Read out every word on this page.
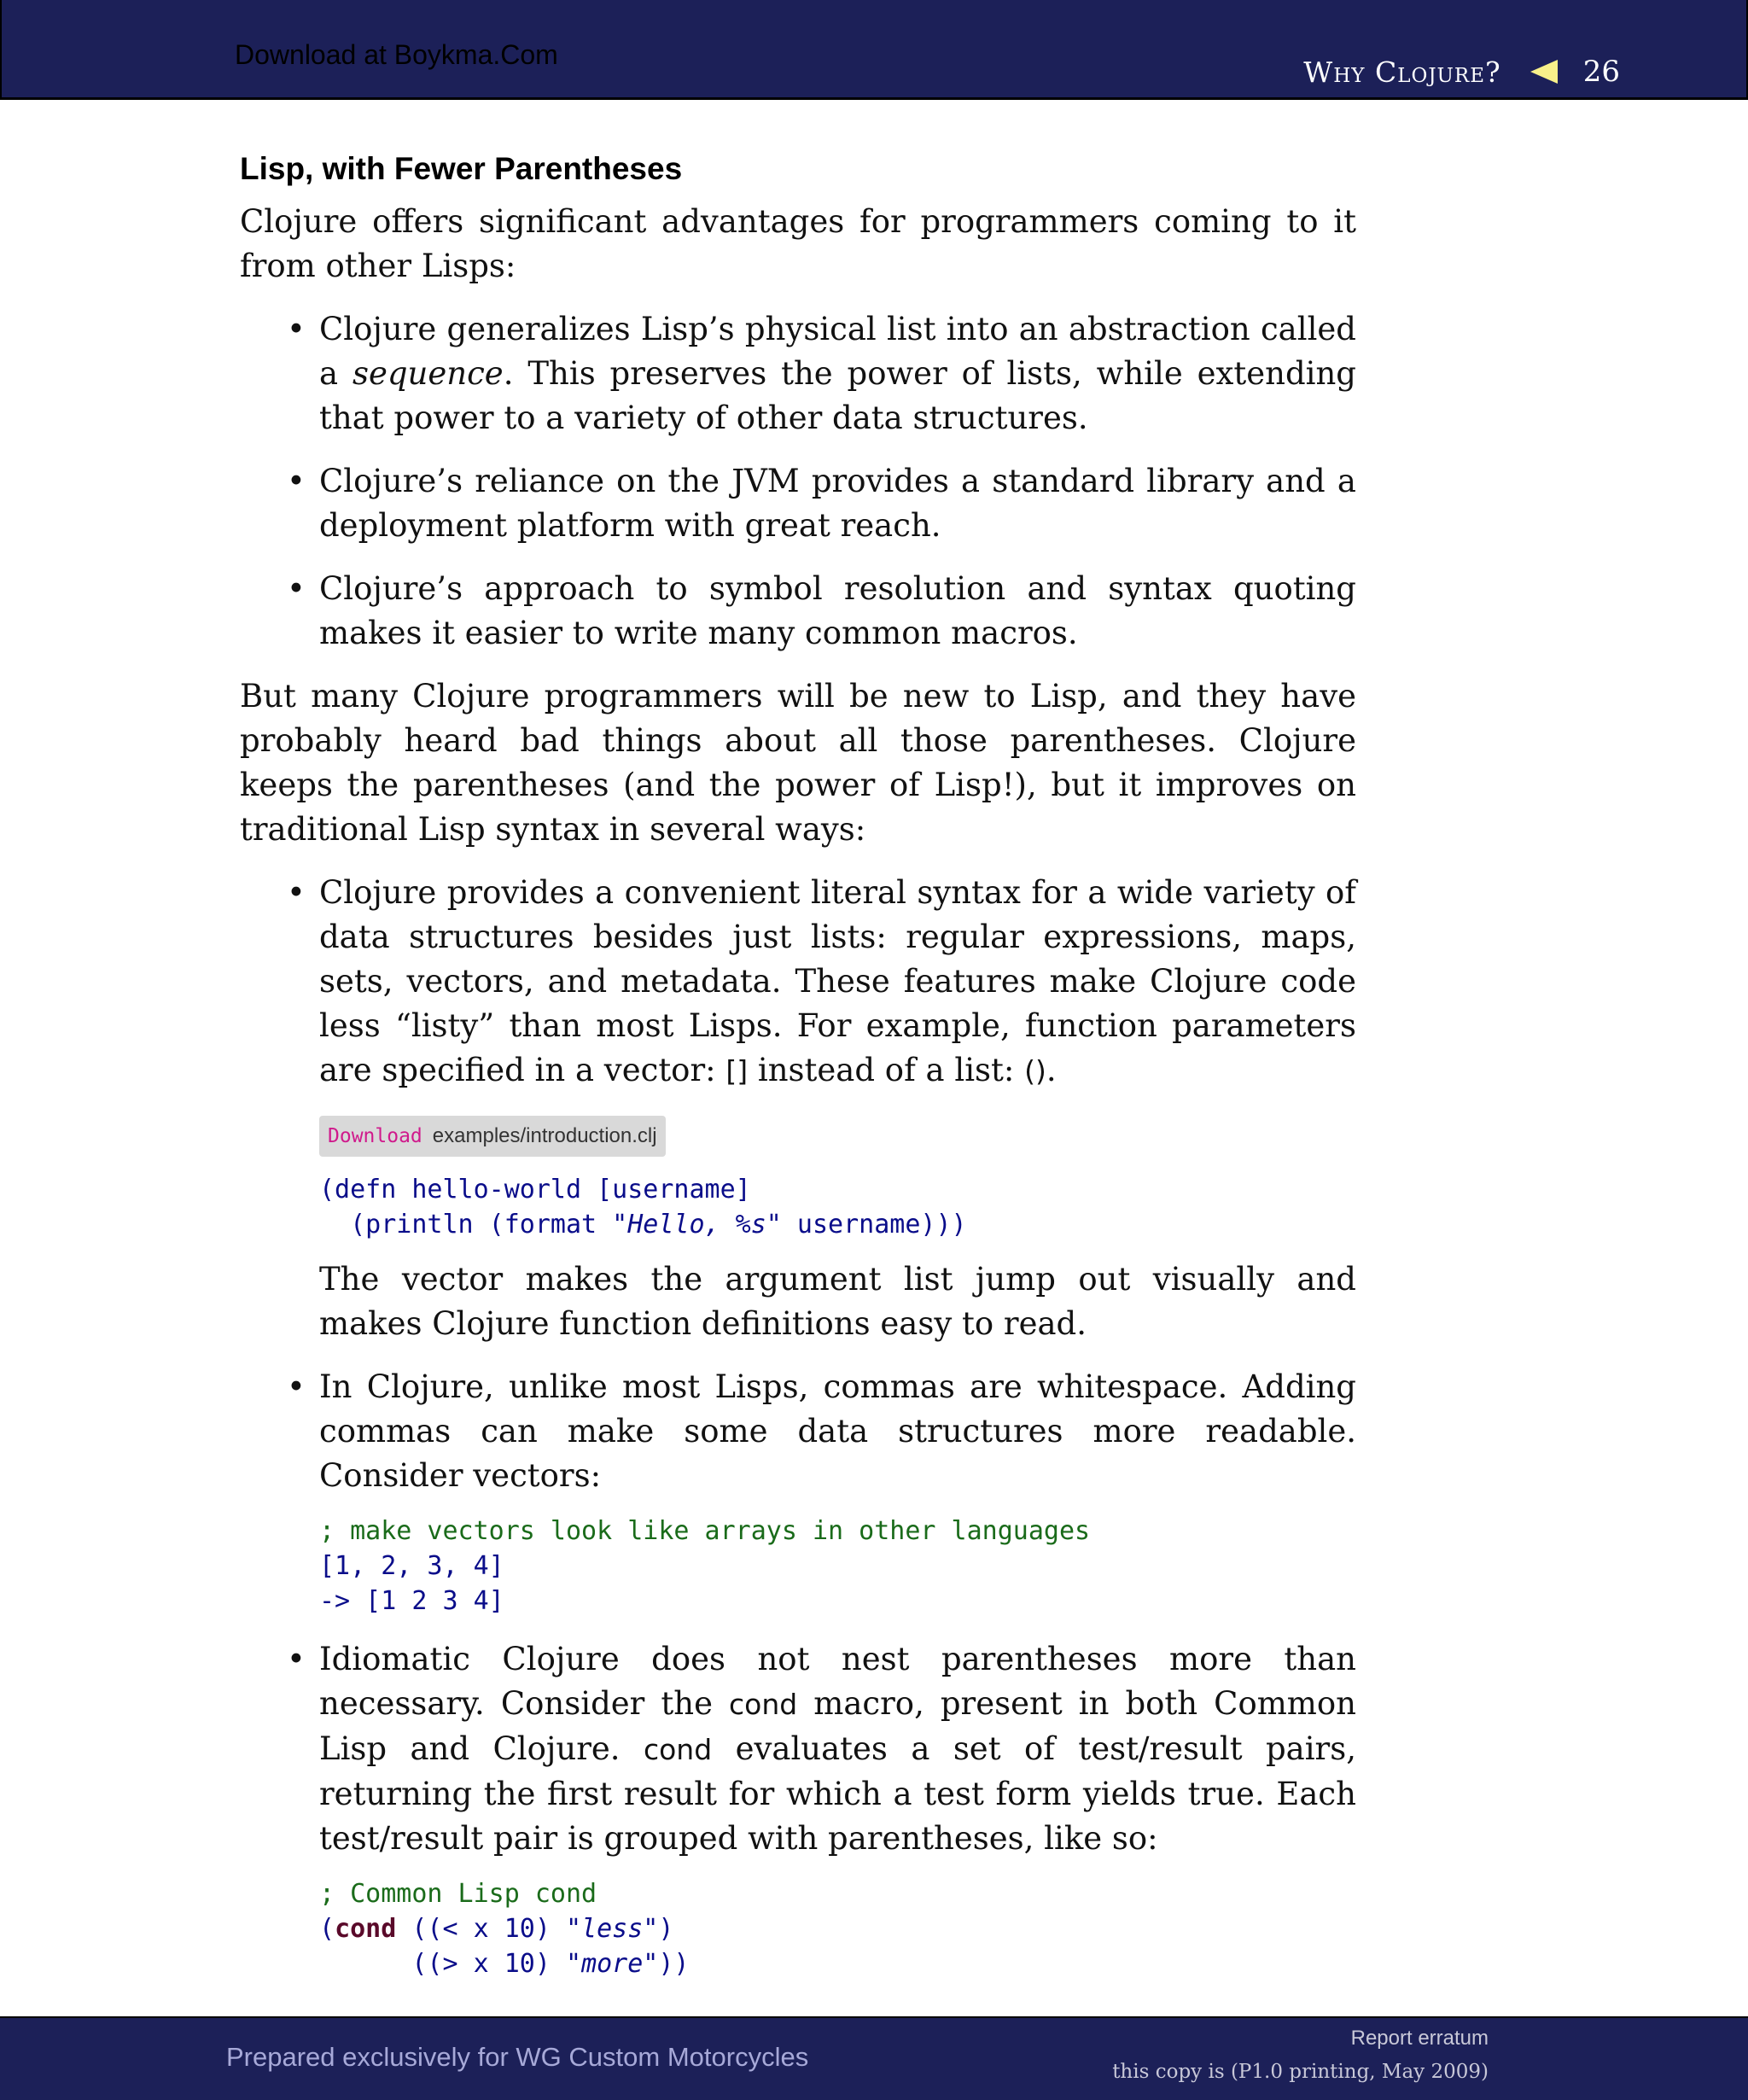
Download at Boykma.Com
Why Clojure?	26
Lisp, with Fewer Parentheses

Clojure offers significant advantages for programmers coming to it from other Lisps:

• Clojure generalizes Lisp’s physical list into an abstraction called a sequence. This preserves the power of lists, while extending that power to a variety of other data structures.
• Clojure’s reliance on the JVM provides a standard library and a deployment platform with great reach.
• Clojure’s approach to symbol resolution and syntax quoting makes it easier to write many common macros.

But many Clojure programmers will be new to Lisp, and they have probably heard bad things about all those parentheses. Clojure keeps the parentheses (and the power of Lisp!), but it improves on traditional Lisp syntax in several ways:

• Clojure provides a convenient literal syntax for a wide variety of data structures besides just lists: regular expressions, maps, sets, vectors, and metadata. These features make Clojure code less “listy” than most Lisps. For example, function parameters are specified in a vector: [] instead of a list: ().
Download examples/introduction.clj
(defn hello-world [username]
(println (format "Hello, %s" username)))

The vector makes the argument list jump out visually and makes Clojure function definitions easy to read.

• In Clojure, unlike most Lisps, commas are whitespace. Adding commas can make some data structures more readable. Consider vectors:
; make vectors look like arrays in other languages
[1, 2, 3, 4]
-> [1 2 3 4]
• Idiomatic Clojure does not nest parentheses more than necessary. Consider the cond macro, present in both Common Lisp and Clojure. cond evaluates a set of test/result pairs, returning the first result for which a test form yields true. Each test/result pair is grouped with parentheses, like so:
; Common Lisp cond
(cond ((< x 10) "less")
((> x 10) "more"))
Prepared exclusively for WG Custom Motorcycles
Report erratum
this copy is (P1.0 printing, May 2009)
